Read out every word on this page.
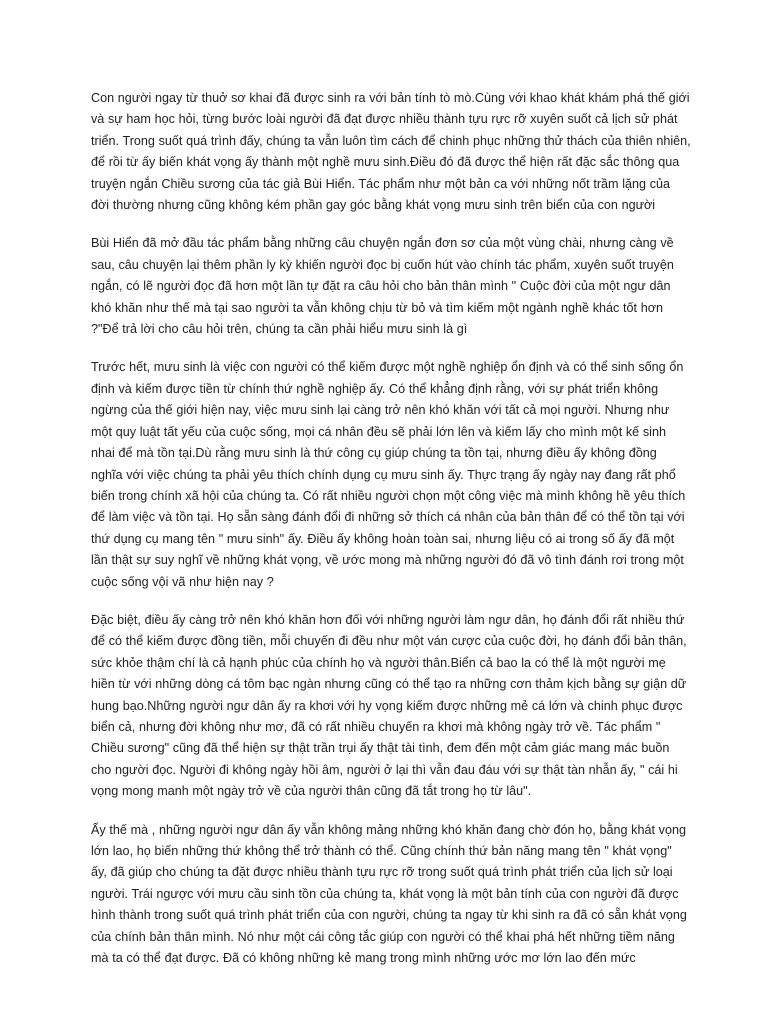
Con người ngay từ thuở sơ khai đã được sinh ra với bản tính tò mò.Cùng với khao khát khám phá thế giới và sự ham học hỏi, từng bước loài người đã đạt được nhiều thành tựu rực rỡ xuyên suốt cả lịch sử phát triển. Trong suốt quá trình đấy, chúng ta vẫn luôn tìm cách để chinh phục những thử thách của thiên nhiên, để rồi từ ấy biến khát vọng ấy thành một nghề mưu sinh.Điều đó đã được thể hiện rất đặc sắc thông qua truyện ngắn Chiều sương của tác giả Bùi Hiển. Tác phẩm như một bản ca với những nốt trầm lặng của đời thường nhưng cũng không kém phần gay góc bằng khát vọng mưu sinh trên biển của con người

Bùi Hiển đã mở đầu tác phẩm bằng những câu chuyện ngắn đơn sơ của một vùng chài, nhưng càng về sau, câu chuyện lại thêm phần ly kỳ khiến người đọc bị cuốn hút vào chính tác phẩm, xuyên suốt truyện ngắn, có lẽ người đọc đã hơn một lần tự đặt ra câu hỏi cho bản thân mình " Cuộc đời của một ngư dân khó khăn như thế mà tại sao người ta vẫn không chịu từ bỏ và tìm kiếm một ngành nghề khác tốt hơn ?"Để trả lời cho câu hỏi trên, chúng ta cần phải hiểu mưu sinh là gì

Trước hết, mưu sinh là việc con người có thể kiếm được một nghề nghiệp ổn định và có thể sinh sống ổn định và kiếm được tiền từ chính thứ nghề nghiệp ấy. Có thể khẳng định rằng, với sự phát triển không ngừng của thế giới hiện nay, việc mưu sinh lại càng trở nên khó khăn với tất cả mọi người. Nhưng như một quy luật tất yếu của cuộc sống, mọi cá nhân đều sẽ phải lớn lên và kiếm lấy cho mình một kế sinh nhai để mà tồn tại.Dù rằng mưu sinh là thứ công cụ giúp chúng ta tồn tại, nhưng điều ấy không đồng nghĩa với việc chúng ta phải yêu thích chính dụng cụ mưu sinh ấy. Thực trạng ấy ngày nay đang rất phổ biến trong chính xã hội của chúng ta. Có rất nhiều người chọn một công việc mà mình không hề yêu thích để làm việc và tồn tại. Họ sẵn sàng đánh đổi đi những sở thích cá nhân của bản thân để có thể tồn tại với thứ dụng cụ mang tên " mưu sinh" ấy. Điều ấy không hoàn toàn sai, nhưng liệu có ai trong số ấy đã một lần thật sự suy nghĩ về những khát vọng, về ước mong mà những người đó đã vô tình đánh rơi trong một cuộc sống vội vã như hiện nay ?

Đặc biệt, điều ấy càng trở nên khó khăn hơn đối với những người làm ngư dân, họ đánh đổi rất nhiều thứ để có thể kiếm được đồng tiền, mỗi chuyến đi đều như một ván cược của cuộc đời, họ đánh đổi bản thân, sức khỏe thậm chí là cả hạnh phúc của chính họ và người thân.Biển cả bao la có thể là một người mẹ hiền từ với những dòng cá tôm bạc ngàn nhưng cũng có thể tạo ra những cơn thảm kịch bằng sự giận dữ hung bạo.Những người ngư dân ấy ra khơi với hy vọng kiếm được những mẻ cá lớn và chinh phục được biển cả, nhưng đời không như mơ, đã có rất nhiều chuyến ra khơi mà không ngày trở về. Tác phẩm " Chiều sương" cũng đã thể hiện sự thật trần trụi ấy thật tài tình, đem đến một cảm giác mang mác buồn cho người đọc. Người đi không ngày hồi âm, người ở lại thì vẫn đau đáu với sự thật tàn nhẫn ấy, " cái hi vọng mong manh một ngày trở về của người thân cũng đã tắt trong họ từ lâu".

Ấy thế mà , những người ngư dân ấy vẫn không mảng những khó khăn đang chờ đón họ, bằng khát vọng lớn lao, họ biến những thứ không thể trở thành có thể. Cũng chính thứ bản năng mang tên " khát vọng" ấy, đã giúp cho chúng ta đặt được nhiều thành tựu rực rỡ trong suốt quá trình phát triển của lịch sử loại người. Trái ngược với mưu cầu sinh tồn của chúng ta, khát vọng là một bản tính của con người đã được hình thành trong suốt quá trình phát triển của con người, chúng ta ngay từ khi sinh ra đã có sẵn khát vọng của chính bản thân mình. Nó như một cái công tắc giúp con người có thể khai phá hết những tiềm năng mà ta có thể đạt được. Đã có không những kẻ mang trong mình những ước mơ lớn lao đến mức
